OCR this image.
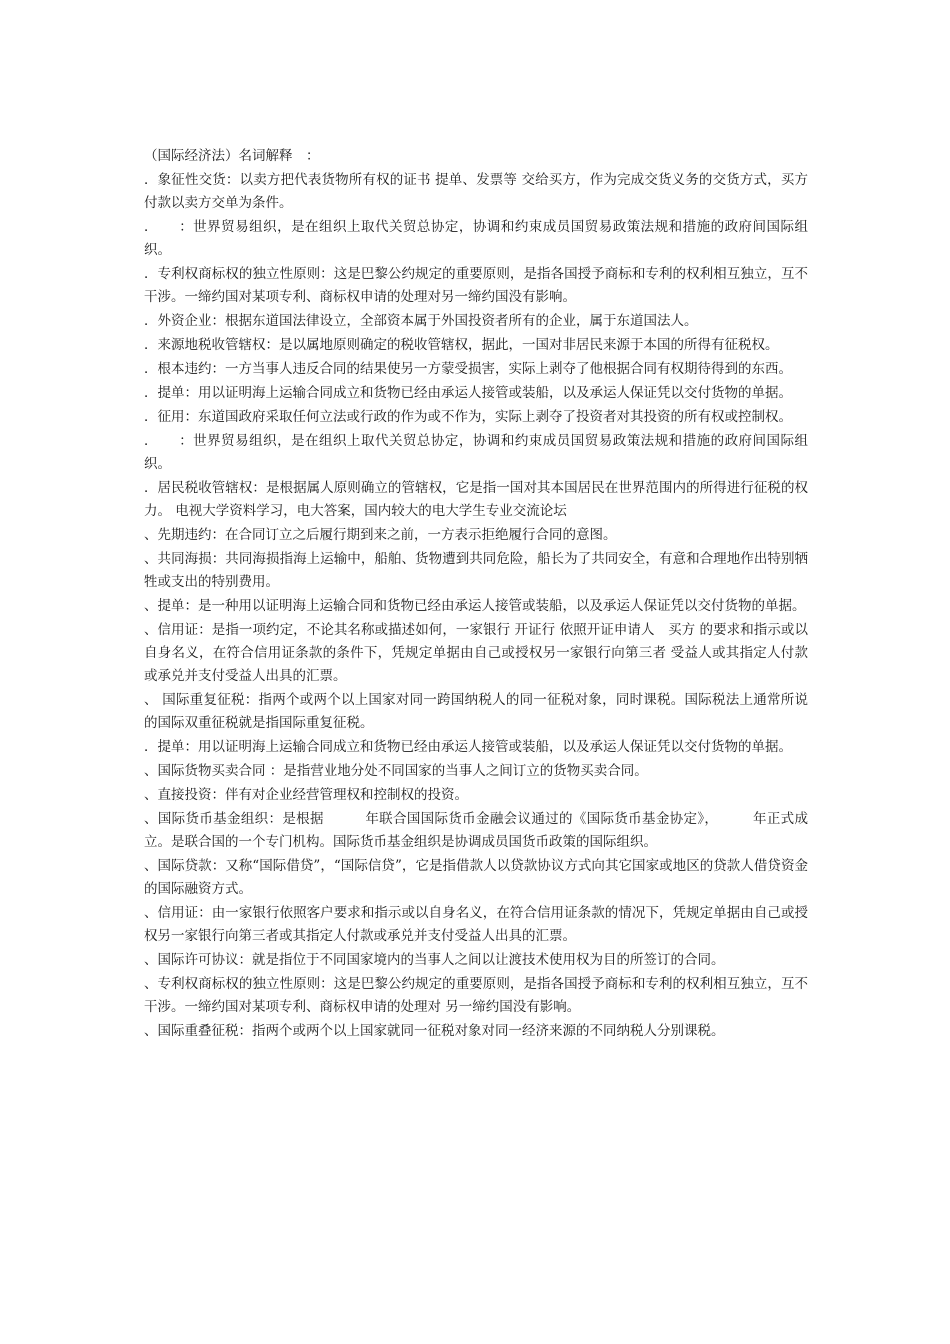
（国际经济法）名词解释　：

．象征性交货：以卖方把代表货物所有权的证书 提单、发票等 交给买方，作为完成交货义务的交货方式，买方付款以卖方交单为条件。

．　　：世界贸易组织，是在组织上取代关贸总协定，协调和约束成员国贸易政策法规和措施的政府间国际组织。

．专利权商标权的独立性原则：这是巴黎公约规定的重要原则，是指各国授予商标和专利的权利相互独立，互不干涉。一缔约国对某项专利、商标权申请的处理对另一缔约国没有影响。

．外资企业：根据东道国法律设立，全部资本属于外国投资者所有的企业，属于东道国法人。

．来源地税收管辖权：是以属地原则确定的税收管辖权，据此，一国对非居民来源于本国的所得有征税权。

．根本违约：一方当事人违反合同的结果使另一方蒙受损害，实际上剥夺了他根据合同有权期待得到的东西。

．提单：用以证明海上运输合同成立和货物已经由承运人接管或装船，以及承运人保证凭以交付货物的单据。

．征用：东道国政府采取任何立法或行政的作为或不作为，实际上剥夺了投资者对其投资的所有权或控制权。

．　　：世界贸易组织，是在组织上取代关贸总协定，协调和约束成员国贸易政策法规和措施的政府间国际组织。

．居民税收管辖权：是根据属人原则确立的管辖权，它是指一国对其本国居民在世界范围内的所得进行征税的权力。 电视大学资料学习，电大答案，国内较大的电大学生专业交流论坛

、先期违约：在合同订立之后履行期到来之前，一方表示拒绝履行合同的意图。

、共同海损：共同海损指海上运输中，船舶、货物遭到共同危险，船长为了共同安全，有意和合理地作出特别牺牲或支出的特别费用。

、提单：是一种用以证明海上运输合同和货物已经由承运人接管或装船，以及承运人保证凭以交付货物的单据。

、信用证：是指一项约定，不论其名称或描述如何，一家银行 开证行 依照开证申请人　买方 的要求和指示或以自身名义，在符合信用证条款的条件下，凭规定单据由自己或授权另一家银行向第三者 受益人或其指定人付款或承兑并支付受益人出具的汇票。

、 国际重复征税：指两个或两个以上国家对同一跨国纳税人的同一征税对象，同时课税。国际税法上通常所说的国际双重征税就是指国际重复征税。

．提单：用以证明海上运输合同成立和货物已经由承运人接管或装船，以及承运人保证凭以交付货物的单据。

、国际货物买卖合同 ：是指营业地分处不同国家的当事人之间订立的货物买卖合同。

、直接投资：伴有对企业经营管理权和控制权的投资。

、国际货币基金组织：是根据　　　年联合国国际货币金融会议通过的《国际货币基金协定》，　　　年正式成立。是联合国的一个专门机构。国际货币基金组织是协调成员国货币政策的国际组织。

、国际贷款：又称“国际借贷”，“国际信贷”，它是指借款人以贷款协议方式向其它国家或地区的贷款人借贷资金的国际融资方式。

、信用证：由一家银行依照客户要求和指示或以自身名义，在符合信用证条款的情况下，凭规定单据由自己或授权另一家银行向第三者或其指定人付款或承兑并支付受益人出具的汇票。

、国际许可协议：就是指位于不同国家境内的当事人之间以让渡技术使用权为目的所签订的合同。

、专利权商标权的独立性原则：这是巴黎公约规定的重要原则，是指各国授予商标和专利的权利相互独立，互不干涉。一缔约国对某项专利、商标权申请的处理对 另一缔约国没有影响。

、国际重叠征税：指两个或两个以上国家就同一征税对象对同一经济来源的不同纳税人分别课税。
